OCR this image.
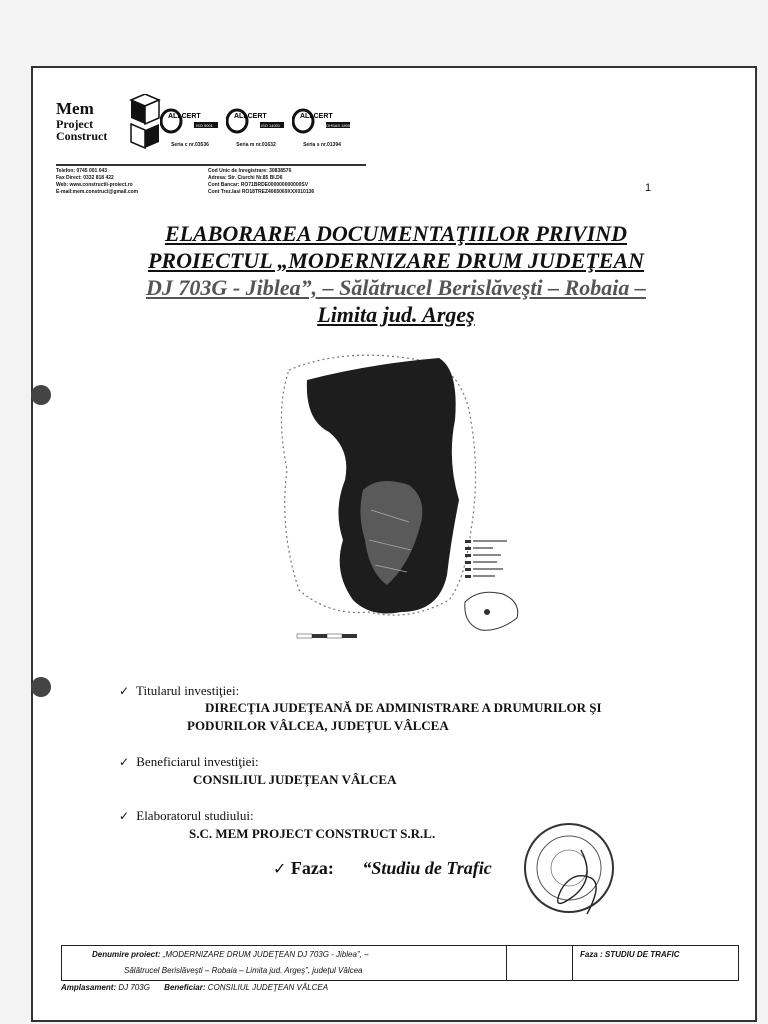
Mem
Project
Construct
ALLCERT
ISO 9001
Seria c nr.03536
ALLCERT
ISO 14001
Seria m nr.01632
ALLCERT
OHSAS 18001
Seria s nr.01394
Telefon: 0745 001 043
Fax Direct: 0332 818 422
Web: www.constructii-proiect.ro
E-mail:mem.construct@gmail.com
Cod Unic de Inregistrare: 30838576
Adresa: Str. Ciurchi Nr.85 Bl.D6
Cont Bancar: RO71BRDE000000000000SV
Cont Trez.Iasi RO18TREZ4065069XXX010136	1
ELABORAREA DOCUMENTAŢIILOR PRIVIND
PROIECTUL „MODERNIZARE DRUM JUDEŢEAN
DJ 703G - Jiblea”, – Sălătrucel Berislăveşti – Robaia –
Limita jud. Argeş
✓ Titularul investiţiei:
DIRECŢIA JUDEŢEANĂ DE ADMINISTRARE A DRUMURILOR ŞI
PODURILOR VÂLCEA, JUDEŢUL VÂLCEA
✓ Beneficiarul investiţiei:
CONSILIUL JUDEŢEAN VÂLCEA
✓ Elaboratorul studiului:
S.C. MEM PROJECT CONSTRUCT S.R.L.
✓ Faza: “Studiu de Trafic
Denumire proiect: „MODERNIZARE DRUM JUDEŢEAN DJ 703G - Jiblea”, –
Sălătrucel Berislăveşti – Robaia – Limita jud. Argeş”, judeţul Vâlcea
Faza : STUDIU DE TRAFIC
Amplasament: DJ 703G Beneficiar: CONSILIUL JUDEŢEAN VÂLCEA
